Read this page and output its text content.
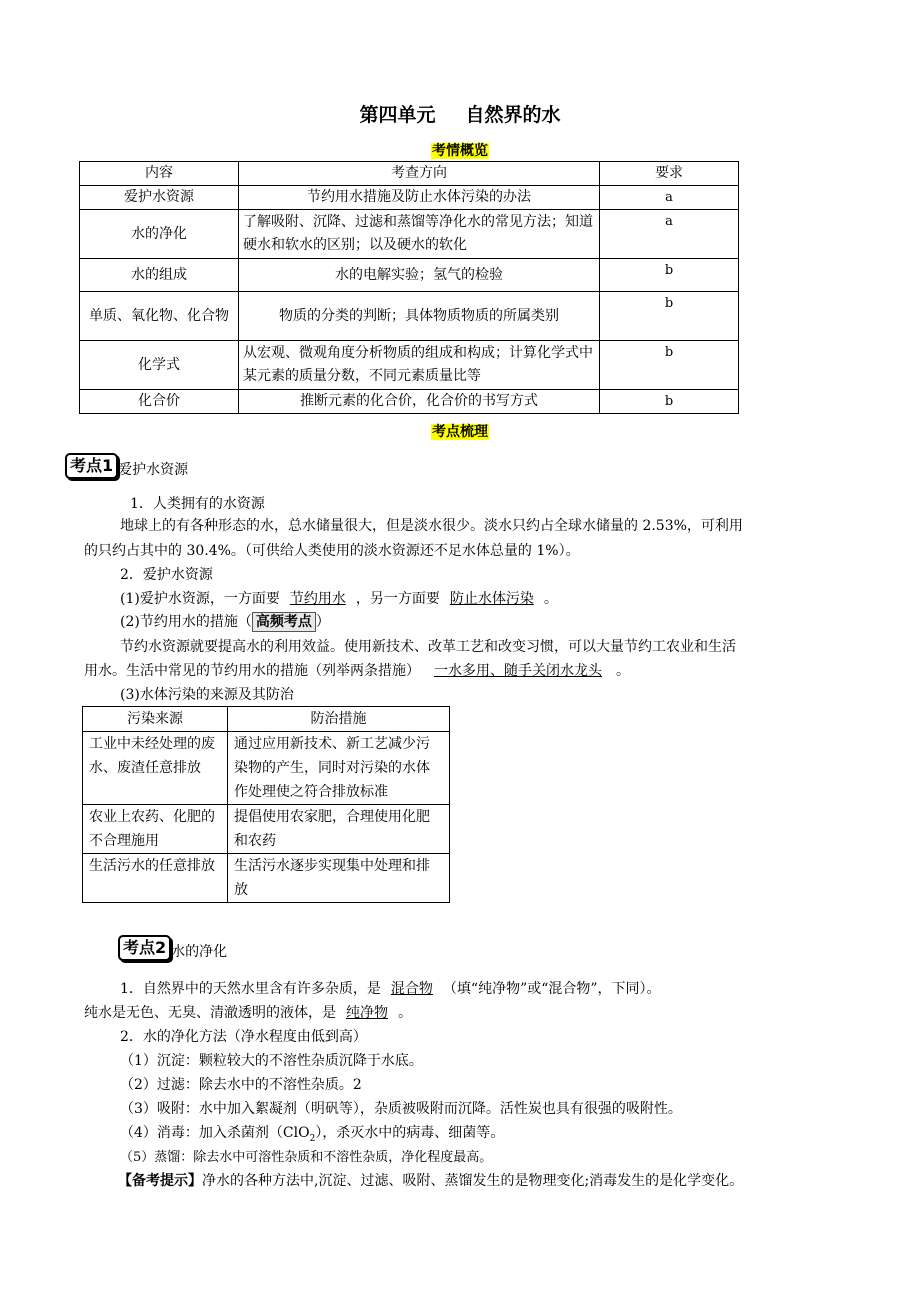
第四单元 自然界的水
考情概览
内容	考查方向	要求
爱护水资源	节约用水措施及防止水体污染的办法	a
水的净化	了解吸附、沉降、过滤和蒸馏等净化水的常见方法；知道硬水和软水的区别；以及硬水的软化	a
水的组成	水的电解实验；氢气的检验	b
单质、氧化物、化合物	物质的分类的判断；具体物质物质的所属类别	b
化学式	从宏观、微观角度分析物质的组成和构成；计算化学式中某元素的质量分数，不同元素质量比等	b
化合价	推断元素的化合价，化合价的书写方式	b
考点梳理
考点1 爱护水资源
1．人类拥有的水资源
地球上的有各种形态的水，总水储量很大，但是淡水很少。淡水只约占全球水储量的 2.53%，可利用
的只约占其中的 30.4%。（可供给人类使用的淡水资源还不足水体总量的 1%）。
2．爱护水资源
(1)爱护水资源，一方面要 节约用水 ，另一方面要 防止水体污染 。
(2)节约用水的措施（ 高频考点 ）
节约水资源就要提高水的利用效益。使用新技术、改革工艺和改变习惯，可以大量节约工农业和生活
用水。生活中常见的节约用水的措施（列举两条措施） 一水多用、随手关闭水龙头 。
(3)水体污染的来源及其防治
污染来源	防治措施
工业中未经处理的废水、废渣任意排放	通过应用新技术、新工艺减少污染物的产生，同时对污染的水体作处理使之符合排放标准
农业上农药、化肥的不合理施用	提倡使用农家肥，合理使用化肥和农药
生活污水的任意排放	生活污水逐步实现集中处理和排放
考点2 水的净化
1．自然界中的天然水里含有许多杂质，是 混合物 （填“纯净物”或“混合物”，下同）。
纯水是无色、无臭、清澈透明的液体，是 纯净物 。
2．水的净化方法（净水程度由低到高）
（1）沉淀：颗粒较大的不溶性杂质沉降于水底。
（2）过滤：除去水中的不溶性杂质。2
（3）吸附：水中加入絮凝剂（明矾等），杂质被吸附而沉降。活性炭也具有很强的吸附性。
（4）消毒：加入杀菌剂（ClO$_2$），杀灭水中的病毒、细菌等。
（5）蒸馏：除去水中可溶性杂质和不溶性杂质，净化程度最高。
【备考提示】净水的各种方法中,沉淀、过滤、吸附、蒸馏发生的是物理变化;消毒发生的是化学变化。
